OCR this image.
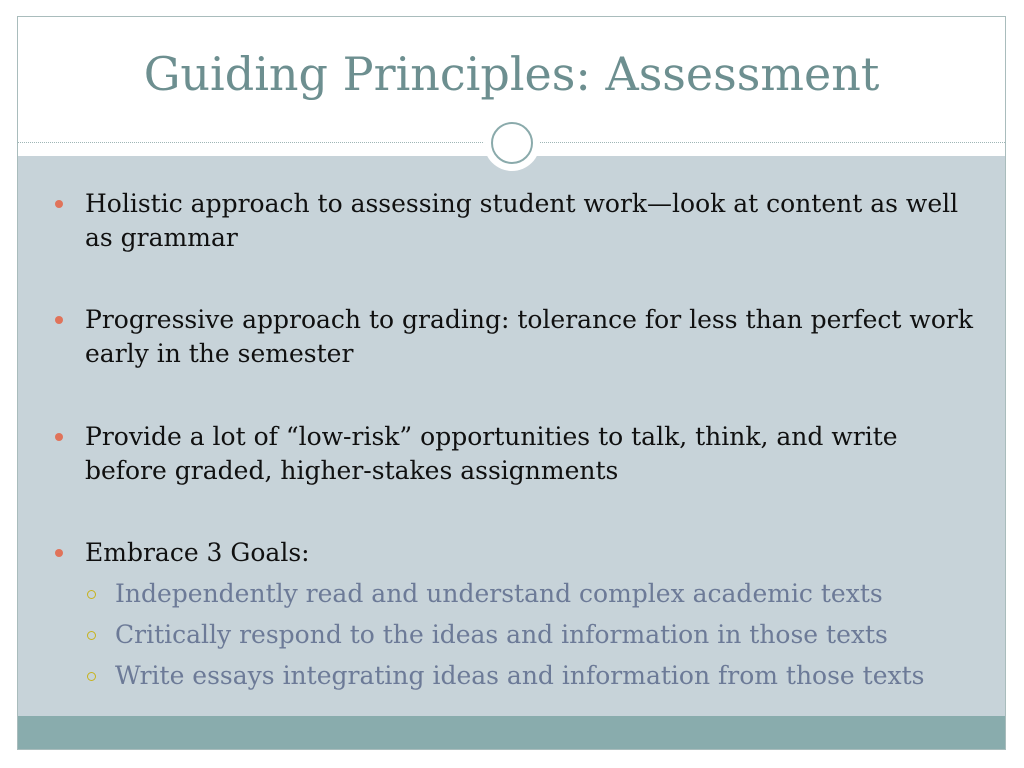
Guiding Principles: Assessment
Holistic approach to assessing student work—look at content as well as grammar
Progressive approach to grading: tolerance for less than perfect work early in the semester
Provide a lot of “low-risk” opportunities to talk, think, and write before graded, higher-stakes assignments
Embrace 3 Goals:
Independently read and understand complex academic texts
Critically respond to the ideas and information in those texts
Write essays integrating ideas and information from those texts
